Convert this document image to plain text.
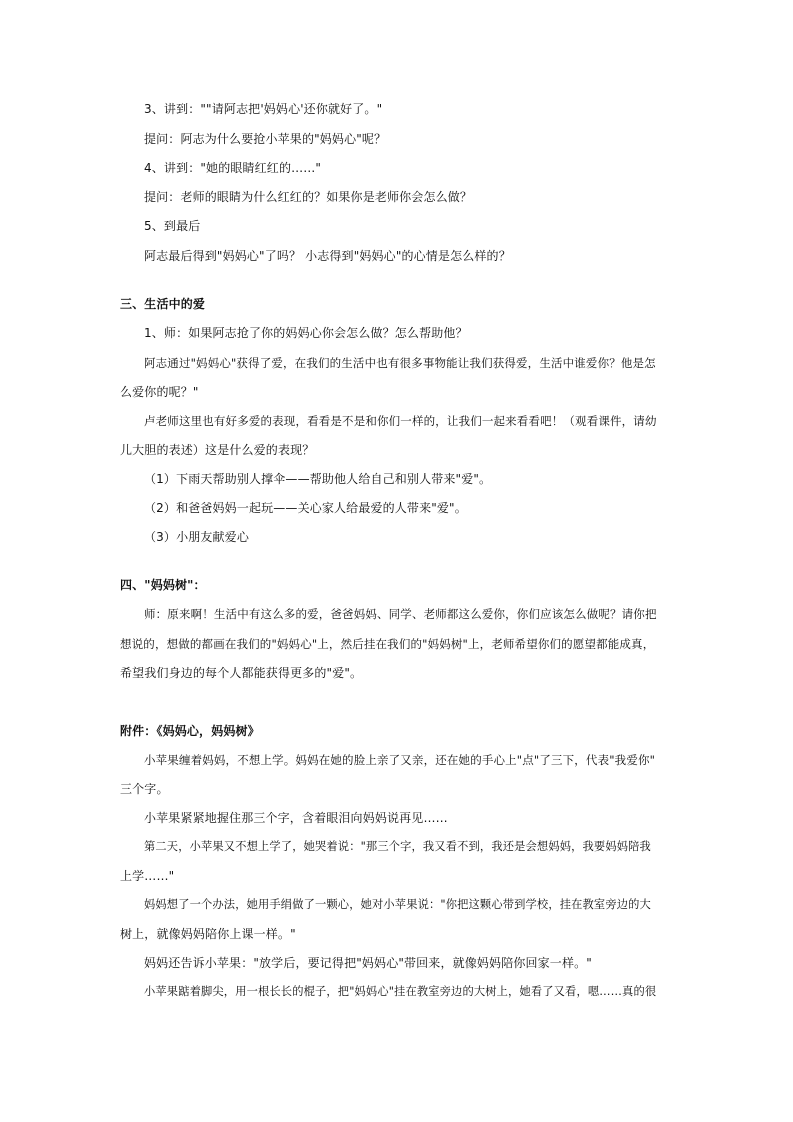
3、讲到：""请阿志把'妈妈心'还你就好了。"
提问：阿志为什么要抢小苹果的"妈妈心"呢？
4、讲到："她的眼睛红红的……"
提问：老师的眼睛为什么红红的？如果你是老师你会怎么做？
5、到最后
阿志最后得到"妈妈心"了吗？ 小志得到"妈妈心"的心情是怎么样的？
三、生活中的爱
1、师：如果阿志抢了你的妈妈心你会怎么做？怎么帮助他？
阿志通过"妈妈心"获得了爱，在我们的生活中也有很多事物能让我们获得爱，生活中谁爱你？他是怎
么爱你的呢？"
卢老师这里也有好多爱的表现，看看是不是和你们一样的，让我们一起来看看吧！（观看课件，请幼
儿大胆的表述）这是什么爱的表现？
（1）下雨天帮助别人撑伞——帮助他人给自己和别人带来"爱"。
（2）和爸爸妈妈一起玩——关心家人给最爱的人带来"爱"。
（3）小朋友献爱心
四、"妈妈树"：
师：原来啊！生活中有这么多的爱，爸爸妈妈、同学、老师都这么爱你，你们应该怎么做呢？请你把
想说的，想做的都画在我们的"妈妈心"上，然后挂在我们的"妈妈树"上，老师希望你们的愿望都能成真，
希望我们身边的每个人都能获得更多的"爱"。
附件：《妈妈心，妈妈树》
小苹果缠着妈妈，不想上学。妈妈在她的脸上亲了又亲，还在她的手心上"点"了三下，代表"我爱你"
三个字。
小苹果紧紧地握住那三个字，含着眼泪向妈妈说再见……
第二天，小苹果又不想上学了，她哭着说："那三个字，我又看不到，我还是会想妈妈，我要妈妈陪我
上学……"
妈妈想了一个办法，她用手绢做了一颗心，她对小苹果说："你把这颗心带到学校，挂在教室旁边的大
树上，就像妈妈陪你上课一样。"
妈妈还告诉小苹果："放学后，要记得把"妈妈心"带回来，就像妈妈陪你回家一样。"
小苹果踮着脚尖，用一根长长的棍子，把"妈妈心"挂在教室旁边的大树上，她看了又看，嗯……真的很
